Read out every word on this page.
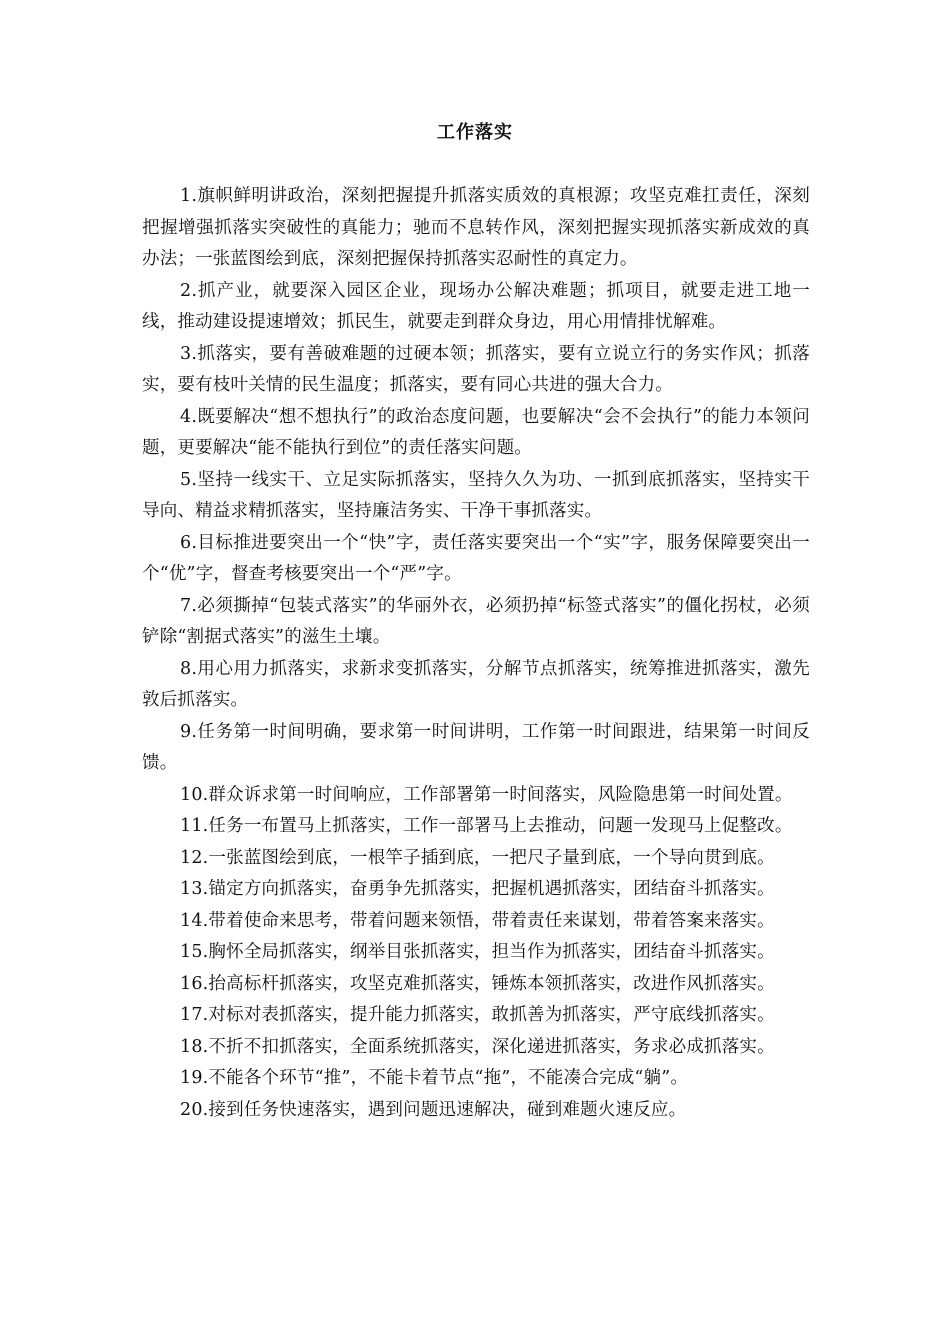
工作落实

1.旗帜鲜明讲政治，深刻把握提升抓落实质效的真根源；攻坚克难扛责任，深刻把握增强抓落实突破性的真能力；驰而不息转作风，深刻把握实现抓落实新成效的真办法；一张蓝图绘到底，深刻把握保持抓落实忍耐性的真定力。

2.抓产业，就要深入园区企业，现场办公解决难题；抓项目，就要走进工地一线，推动建设提速增效；抓民生，就要走到群众身边，用心用情排忧解难。

3.抓落实，要有善破难题的过硬本领；抓落实，要有立说立行的务实作风；抓落实，要有枝叶关情的民生温度；抓落实，要有同心共进的强大合力。

4.既要解决“想不想执行”的政治态度问题，也要解决“会不会执行”的能力本领问题，更要解决“能不能执行到位”的责任落实问题。

5.坚持一线实干、立足实际抓落实，坚持久久为功、一抓到底抓落实，坚持实干导向、精益求精抓落实，坚持廉洁务实、干净干事抓落实。

6.目标推进要突出一个“快”字，责任落实要突出一个“实”字，服务保障要突出一个“优”字，督查考核要突出一个“严”字。

7.必须撕掉“包装式落实”的华丽外衣，必须扔掉“标签式落实”的僵化拐杖，必须铲除“割据式落实”的滋生土壤。

8.用心用力抓落实，求新求变抓落实，分解节点抓落实，统筹推进抓落实，激先敦后抓落实。

9.任务第一时间明确，要求第一时间讲明，工作第一时间跟进，结果第一时间反馈。

10.群众诉求第一时间响应，工作部署第一时间落实，风险隐患第一时间处置。

11.任务一布置马上抓落实，工作一部署马上去推动，问题一发现马上促整改。

12.一张蓝图绘到底，一根竿子插到底，一把尺子量到底，一个导向贯到底。

13.锚定方向抓落实，奋勇争先抓落实，把握机遇抓落实，团结奋斗抓落实。

14.带着使命来思考，带着问题来领悟，带着责任来谋划，带着答案来落实。

15.胸怀全局抓落实，纲举目张抓落实，担当作为抓落实，团结奋斗抓落实。

16.抬高标杆抓落实，攻坚克难抓落实，锤炼本领抓落实，改进作风抓落实。

17.对标对表抓落实，提升能力抓落实，敢抓善为抓落实，严守底线抓落实。

18.不折不扣抓落实，全面系统抓落实，深化递进抓落实，务求必成抓落实。

19.不能各个环节“推”，不能卡着节点“拖”，不能凑合完成“躺”。

20.接到任务快速落实，遇到问题迅速解决，碰到难题火速反应。
